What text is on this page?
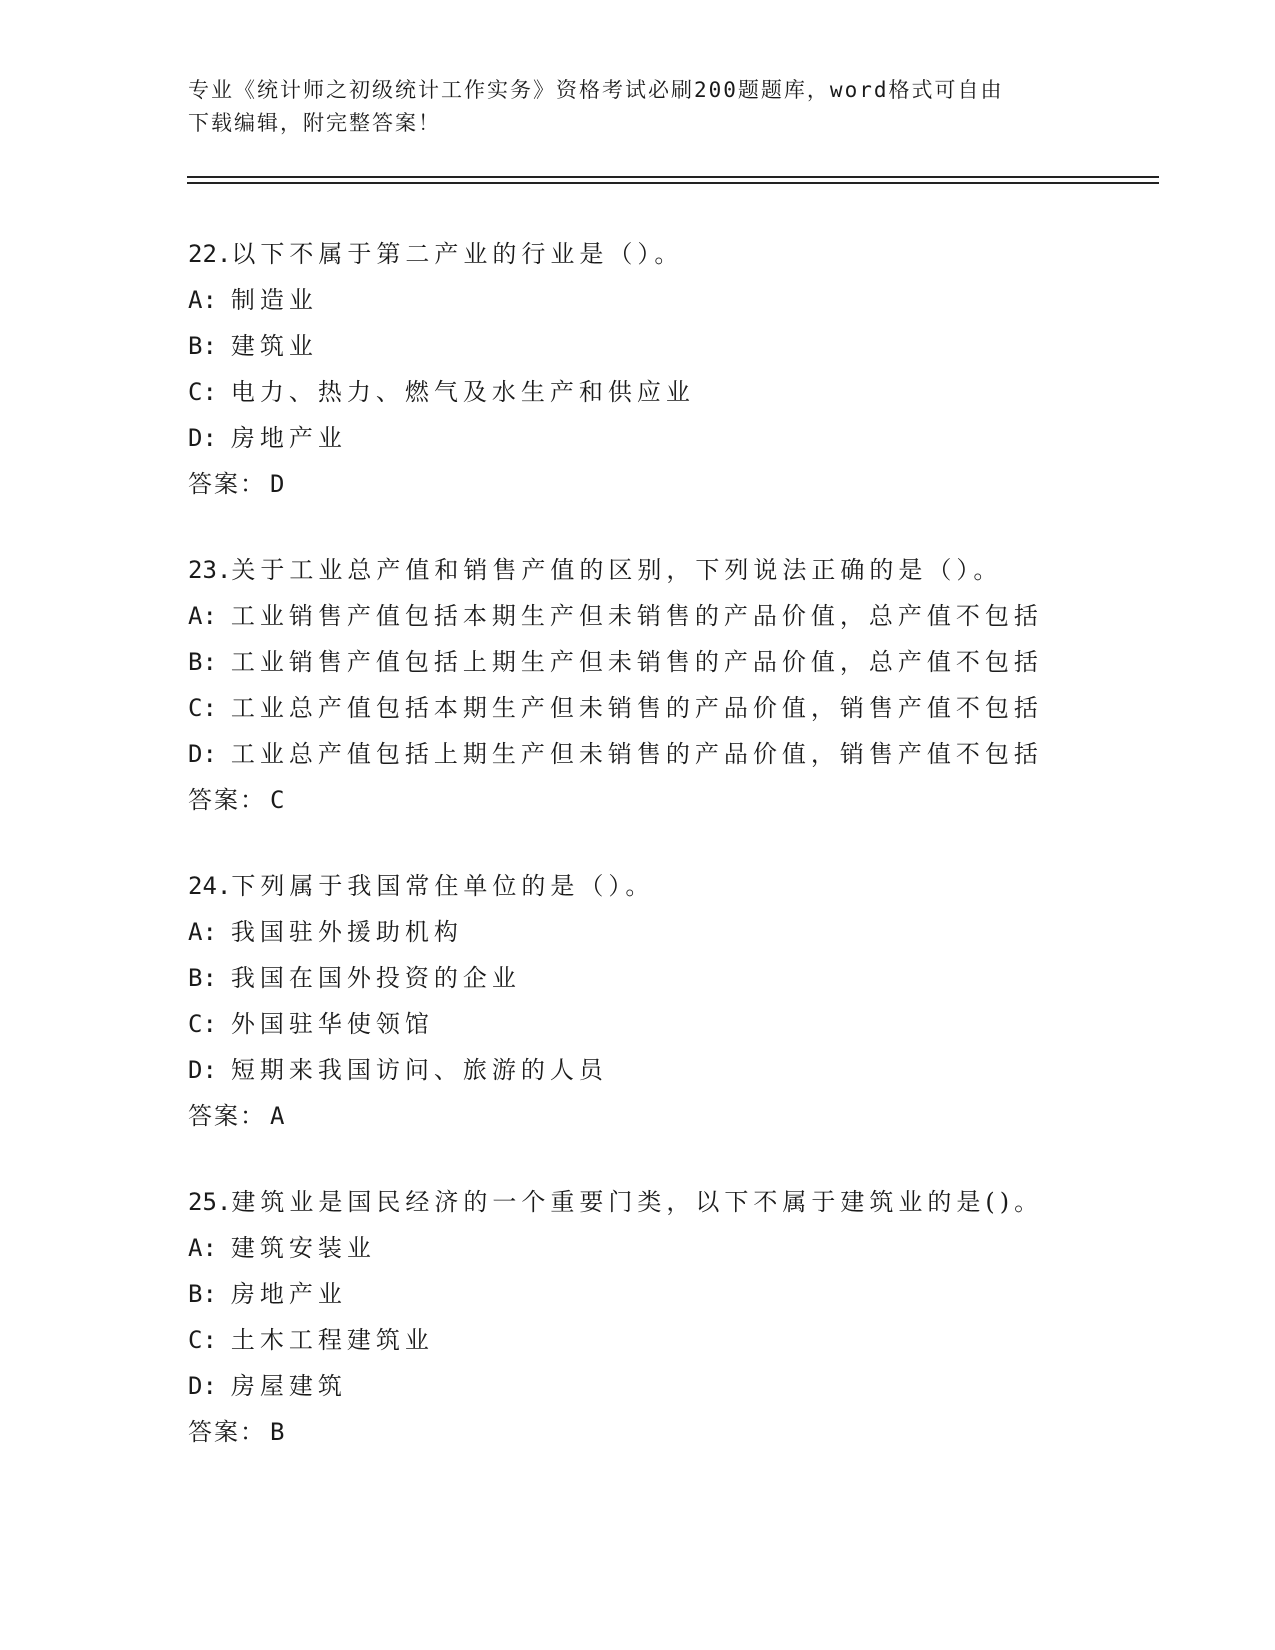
专业《统计师之初级统计工作实务》资格考试必刷200题题库，word格式可自由
下载编辑，附完整答案！
22.以下不属于第二产业的行业是（）。
A: 制造业
B: 建筑业
C: 电力、热力、燃气及水生产和供应业
D: 房地产业
答案： D
23.关于工业总产值和销售产值的区别，下列说法正确的是（）。
A: 工业销售产值包括本期生产但未销售的产品价值，总产值不包括
B: 工业销售产值包括上期生产但未销售的产品价值，总产值不包括
C: 工业总产值包括本期生产但未销售的产品价值，销售产值不包括
D: 工业总产值包括上期生产但未销售的产品价值，销售产值不包括
答案： C
24.下列属于我国常住单位的是（）。
A: 我国驻外援助机构
B: 我国在国外投资的企业
C: 外国驻华使领馆
D: 短期来我国访问、旅游的人员
答案： A
25.建筑业是国民经济的一个重要门类，以下不属于建筑业的是()。
A: 建筑安装业
B: 房地产业
C: 土木工程建筑业
D: 房屋建筑
答案： B
